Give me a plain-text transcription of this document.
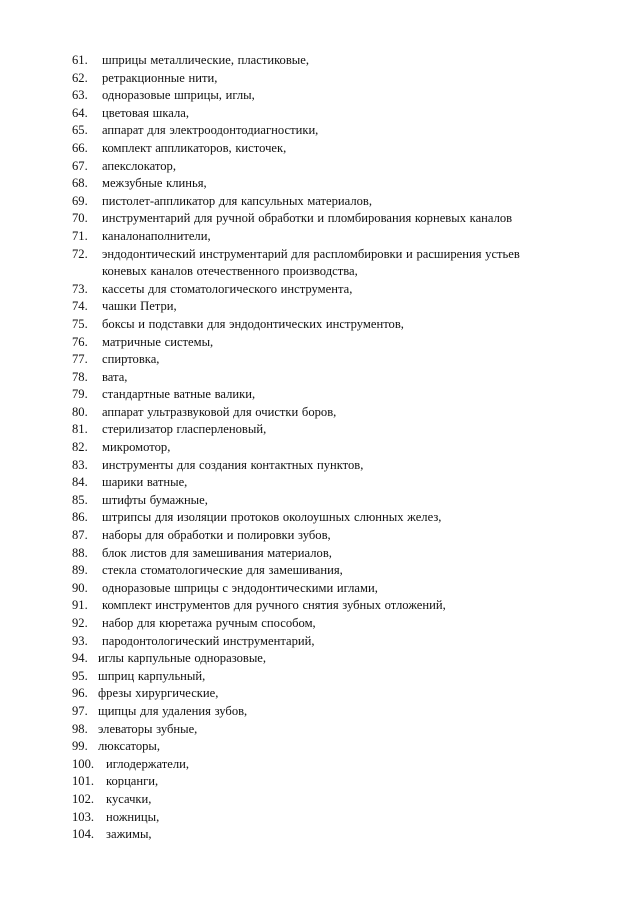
61.	шприцы металлические, пластиковые,
62.	ретракционные нити,
63.	одноразовые шприцы, иглы,
64.	цветовая шкала,
65.	аппарат для электроодонтодиагностики,
66.	комплект аппликаторов, кисточек,
67.	апекслокатор,
68.	межзубные клинья,
69.	пистолет-аппликатор для капсульных материалов,
70.	инструментарий для ручной обработки и пломбирования корневых каналов
71.	каналонаполнители,
72.	эндодонтический инструментарий для распломбировки и расширения устьев
коневых каналов отечественного производства,
73.	кассеты для стоматологического инструмента,
74.	чашки Петри,
75.	боксы и подставки для эндодонтических инструментов,
76.	матричные системы,
77.	спиртовка,
78.	вата,
79.	стандартные ватные валики,
80.	аппарат ультразвуковой для очистки боров,
81.	стерилизатор гласперленовый,
82.	микромотор,
83.	инструменты для создания контактных пунктов,
84.	шарики ватные,
85.	штифты бумажные,
86.	штрипсы для изоляции протоков околоушных слюнных желез,
87.	наборы для обработки и полировки зубов,
88.	блок листов для замешивания материалов,
89.	стекла стоматологические для замешивания,
90.	одноразовые шприцы с эндодонтическими иглами,
91.	комплект инструментов для ручного снятия зубных отложений,
92.	набор для кюретажа ручным способом,
93.	пародонтологический инструментарий,
94. иглы карпульные одноразовые,
95. шприц карпульный,
96. фрезы хирургические,
97. щипцы для удаления зубов,
98. элеваторы зубные,
99. люксаторы,
100. иглодержатели,
101. корцанги,
102. кусачки,
103. ножницы,
104. зажимы,
